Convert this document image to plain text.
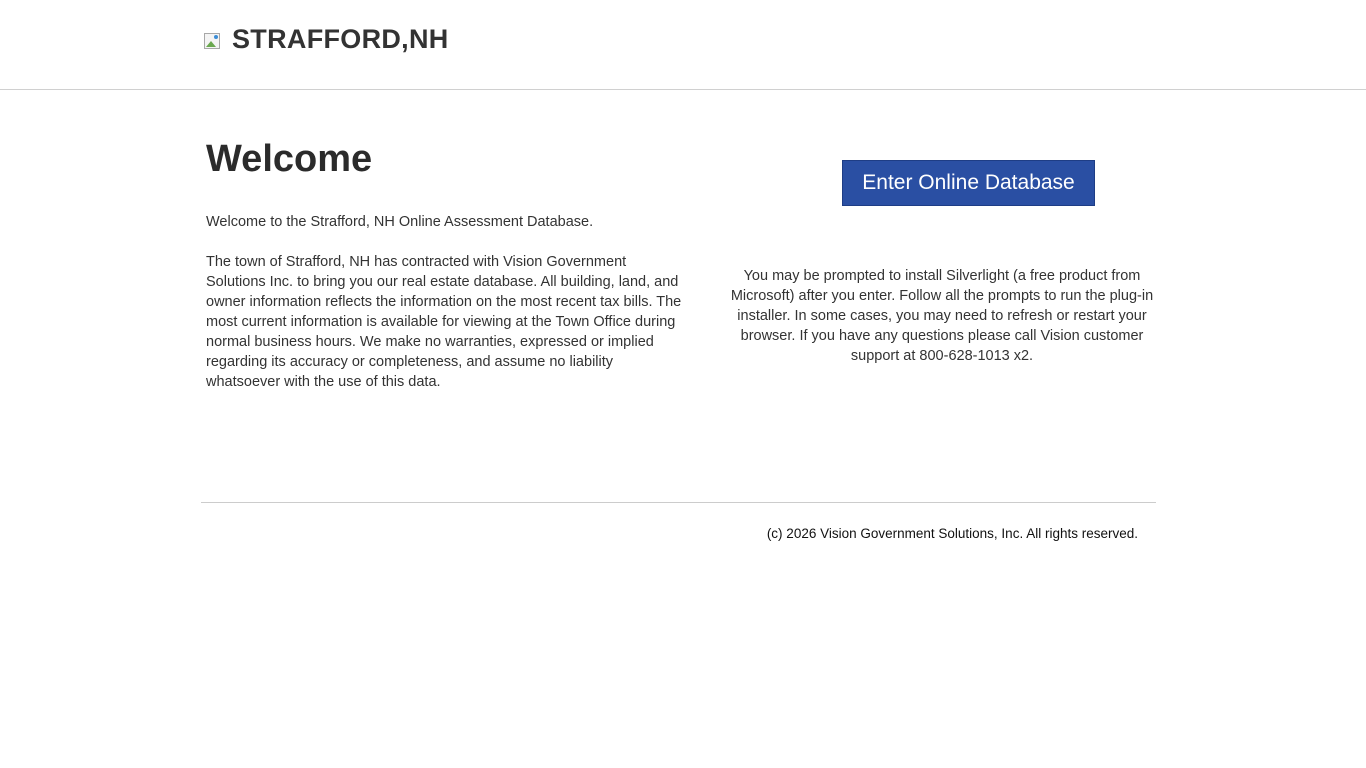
STRAFFORD,NH
Welcome

Welcome to the Strafford, NH Online Assessment Database.

The town of Strafford, NH has contracted with Vision Government Solutions Inc. to bring you our real estate database. All building, land, and owner information reflects the information on the most recent tax bills. The most current information is available for viewing at the Town Office during normal business hours. We make no warranties, expressed or implied regarding its accuracy or completeness, and assume no liability whatsoever with the use of this data.

Enter Online Database

You may be prompted to install Silverlight (a free product from Microsoft) after you enter. Follow all the prompts to run the plug-in installer. In some cases, you may need to refresh or restart your browser. If you have any questions please call Vision customer support at 800-628-1013 x2.

(c) 2026 Vision Government Solutions, Inc. All rights reserved.
